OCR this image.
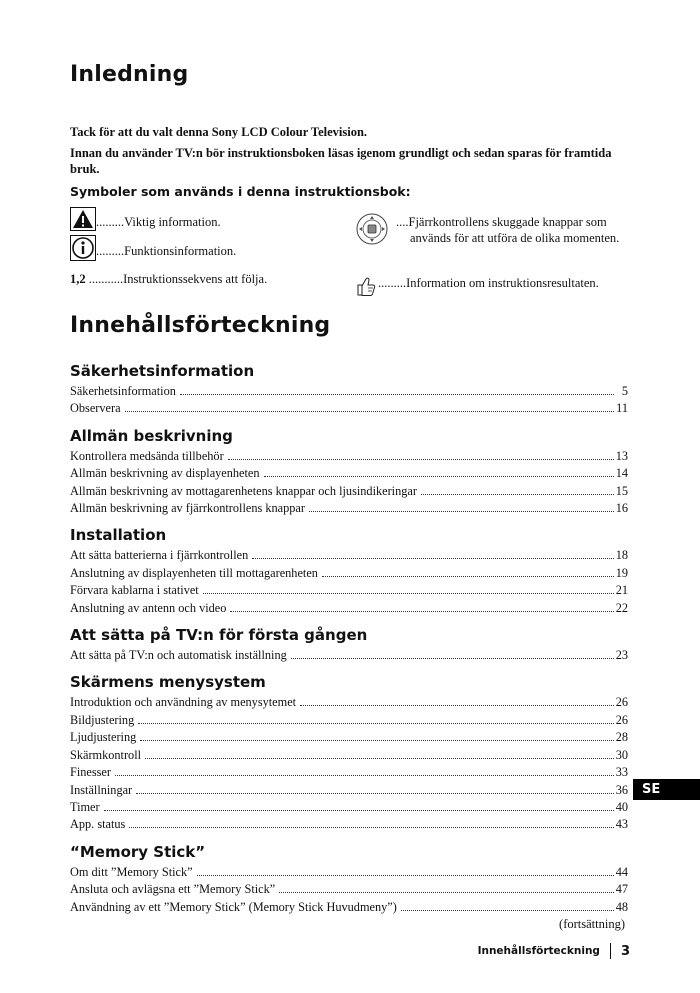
Inledning
Tack för att du valt denna Sony LCD Colour Television.
Innan du använder TV:n bör instruktionsboken läsas igenom grundligt och sedan sparas för framtida bruk.
Symboler som används i denna instruktionsbok:
.........Viktig information.
.........Funktionsinformation.
1,2 ...........Instruktionssekvens att följa.
....Fjärrkontrollens skuggade knappar som används för att utföra de olika momenten.
.........Information om instruktionsresultaten.
Innehållsförteckning
Säkerhetsinformation
Säkerhetsinformation	5
Observera	11
Allmän beskrivning
Kontrollera medsända tillbehör	13
Allmän beskrivning av displayenheten	14
Allmän beskrivning av mottagarenhetens knappar och ljusindikeringar	15
Allmän beskrivning av fjärrkontrollens knappar	16
Installation
Att sätta batterierna i fjärrkontrollen	18
Anslutning av displayenheten till mottagarenheten	19
Förvara kablarna i stativet	21
Anslutning av antenn och video	22
Att sätta på TV:n för första gången
Att sätta på TV:n och automatisk inställning	23
Skärmens menysystem
Introduktion och användning av menysytemet	26
Bildjustering	26
Ljudjustering	28
Skärmkontroll	30
Finesser	33
Inställningar	36
Timer	40
App. status	43
“Memory Stick”
Om ditt ”Memory Stick”	44
Ansluta och avlägsna ett ”Memory Stick”	47
Användning av ett ”Memory Stick” (Memory Stick Huvudmeny”)	48
SE
(fortsättning)
Innehållsförteckning 3
